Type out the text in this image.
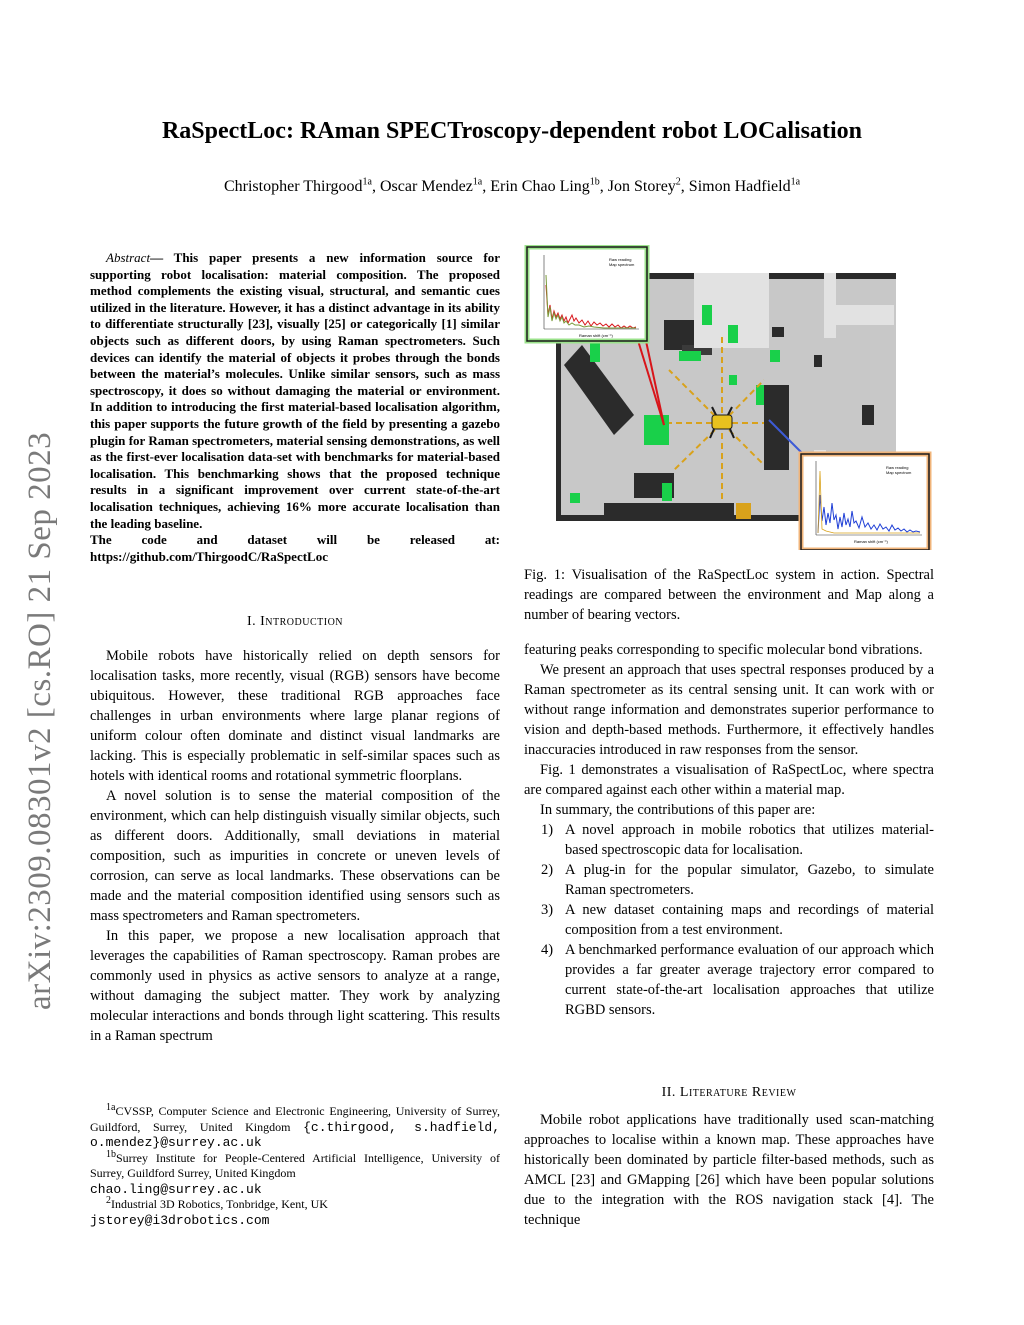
arXiv:2309.08301v2 [cs.RO] 21 Sep 2023
RaSpectLoc: RAman SPECTroscopy-dependent robot LOCalisation
Christopher Thirgood$^{1a}$, Oscar Mendez$^{1a}$, Erin Chao Ling$^{1b}$, Jon Storey$^2$, Simon Hadfield$^{1a}$
Abstract— This paper presents a new information source for supporting robot localisation: material composition. The proposed method complements the existing visual, structural, and semantic cues utilized in the literature. However, it has a distinct advantage in its ability to differentiate structurally [23], visually [25] or categorically [1] similar objects such as different doors, by using Raman spectrometers. Such devices can identify the material of objects it probes through the bonds between the material’s molecules. Unlike similar sensors, such as mass spectroscopy, it does so without damaging the material or environment. In addition to introducing the first material-based localisation algorithm, this paper supports the future growth of the field by presenting a gazebo plugin for Raman spectrometers, material sensing demonstrations, as well as the first-ever localisation data-set with benchmarks for material-based localisation. This benchmarking shows that the proposed technique results in a significant improvement over current state-of-the-art localisation techniques, achieving 16% more accurate localisation than the leading baseline.

The code and dataset will be released at:
https://github.com/ThirgoodC/RaSpectLoc
I. Introduction

Mobile robots have historically relied on depth sensors for localisation tasks, more recently, visual (RGB) sensors have become ubiquitous. However, these traditional RGB approaches face challenges in urban environments where large planar regions of uniform colour often dominate and distinct visual landmarks are lacking. This is especially problematic in self-similar spaces such as hotels with identical rooms and rotational symmetric floorplans.

A novel solution is to sense the material composition of the environment, which can help distinguish visually similar objects, such as different doors. Additionally, small deviations in material composition, such as impurities in concrete or uneven levels of corrosion, can serve as local landmarks. These observations can be made and the material composition identified using sensors such as mass spectrometers and Raman spectrometers.

In this paper, we propose a new localisation approach that leverages the capabilities of Raman spectroscopy. Raman probes are commonly used in physics as active sensors to analyze at a range, without damaging the subject matter. They work by analyzing molecular interactions and bonds through light scattering. This results in a Raman spectrum

$^{1a}$CVSSP, Computer Science and Electronic Engineering, University of Surrey, Guildford, Surrey, United Kingdom {c.thirgood, s.hadfield, o.mendez}@surrey.ac.uk
$^{1b}$Surrey Institute for People-Centered Artificial Intelligence, University of Surrey, Guildford Surrey, United Kingdom
chao.ling@surrey.ac.uk
$^2$Industrial 3D Robotics, Tonbridge, Kent, UK
jstorey@i3drobotics.com
Raw reading
Map spectrum
Raman shift (cm⁻¹)
Raw reading
Map spectrum
Raman shift (cm⁻¹)
Fig. 1: Visualisation of the RaSpectLoc system in action. Spectral readings are compared between the environment and Map along a number of bearing vectors.

featuring peaks corresponding to specific molecular bond vibrations.

We present an approach that uses spectral responses produced by a Raman spectrometer as its central sensing unit. It can work with or without range information and demonstrates superior performance to vision and depth-based methods. Furthermore, it effectively handles inaccuracies introduced in raw responses from the sensor.

Fig. 1 demonstrates a visualisation of RaSpectLoc, where spectra are compared against each other within a material map.

In summary, the contributions of this paper are:

1) A novel approach in mobile robotics that utilizes material-based spectroscopic data for localisation.
2) A plug-in for the popular simulator, Gazebo, to simulate Raman spectrometers.
3) A new dataset containing maps and recordings of material composition from a test environment.
4) A benchmarked performance evaluation of our approach which provides a far greater average trajectory error compared to current state-of-the-art localisation approaches that utilize RGBD sensors.
II. Literature Review

Mobile robot applications have traditionally used scan-matching approaches to localise within a known map. These approaches have historically been dominated by particle filter-based methods, such as AMCL [23] and GMapping [26] which have been popular solutions due to the integration with the ROS navigation stack [4]. The technique
